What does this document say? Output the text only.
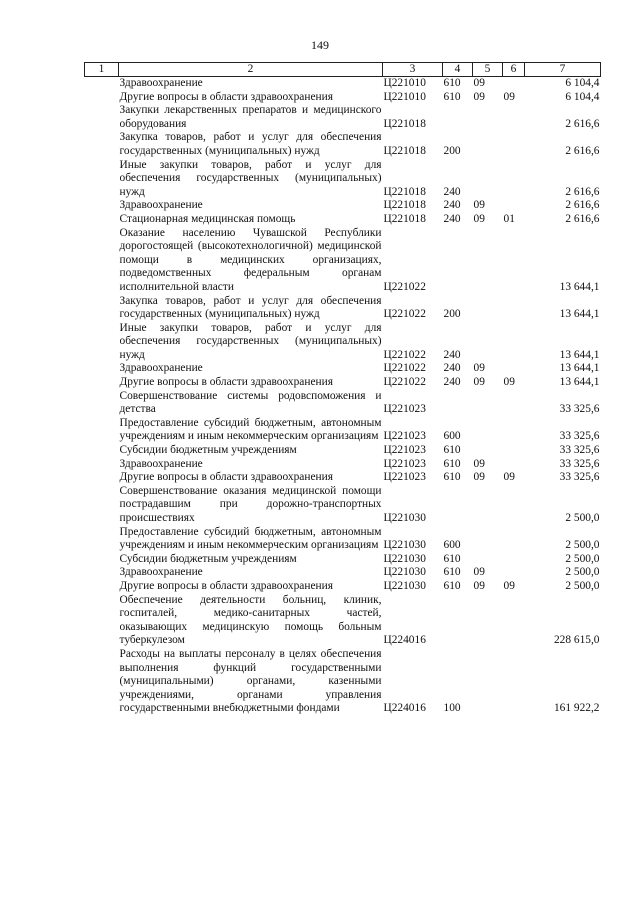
149
1	2	3	4	5	6	7
	Здравоохранение	Ц221010	610	09		6 104,4
	Другие вопросы в области здравоохранения	Ц221010	610	09	09	6 104,4
	Закупки лекарственных препаратов и медицинского оборудования	Ц221018				2 616,6
	Закупка товаров, работ и услуг для обеспечения государственных (муниципальных) нужд	Ц221018	200			2 616,6
	Иные закупки товаров, работ и услуг для обеспечения государственных (муниципальных) нужд	Ц221018	240			2 616,6
	Здравоохранение	Ц221018	240	09		2 616,6
	Стационарная медицинская помощь	Ц221018	240	09	01	2 616,6
	Оказание населению Чувашской Республики дорогостоящей (высокотехнологичной) медицинской помощи в медицинских организациях, подведомственных федеральным органам исполнительной власти	Ц221022				13 644,1
	Закупка товаров, работ и услуг для обеспечения государственных (муниципальных) нужд	Ц221022	200			13 644,1
	Иные закупки товаров, работ и услуг для обеспечения государственных (муниципальных) нужд	Ц221022	240			13 644,1
	Здравоохранение	Ц221022	240	09		13 644,1
	Другие вопросы в области здравоохранения	Ц221022	240	09	09	13 644,1
	Совершенствование системы родовспоможения и детства	Ц221023				33 325,6
	Предоставление субсидий бюджетным, автономным учреждениям и иным некоммерческим организациям	Ц221023	600			33 325,6
	Субсидии бюджетным учреждениям	Ц221023	610			33 325,6
	Здравоохранение	Ц221023	610	09		33 325,6
	Другие вопросы в области здравоохранения	Ц221023	610	09	09	33 325,6
	Совершенствование оказания медицинской помощи пострадавшим при дорожно-транспортных происшествиях	Ц221030				2 500,0
	Предоставление субсидий бюджетным, автономным учреждениям и иным некоммерческим организациям	Ц221030	600			2 500,0
	Субсидии бюджетным учреждениям	Ц221030	610			2 500,0
	Здравоохранение	Ц221030	610	09		2 500,0
	Другие вопросы в области здравоохранения	Ц221030	610	09	09	2 500,0
	Обеспечение деятельности больниц, клиник, госпиталей, медико-санитарных частей, оказывающих медицинскую помощь больным туберкулезом	Ц224016				228 615,0
	Расходы на выплаты персоналу в целях обеспечения выполнения функций государственными (муниципальными) органами, казенными учреждениями, органами управления государственными внебюджетными фондами	Ц224016	100			161 922,2
